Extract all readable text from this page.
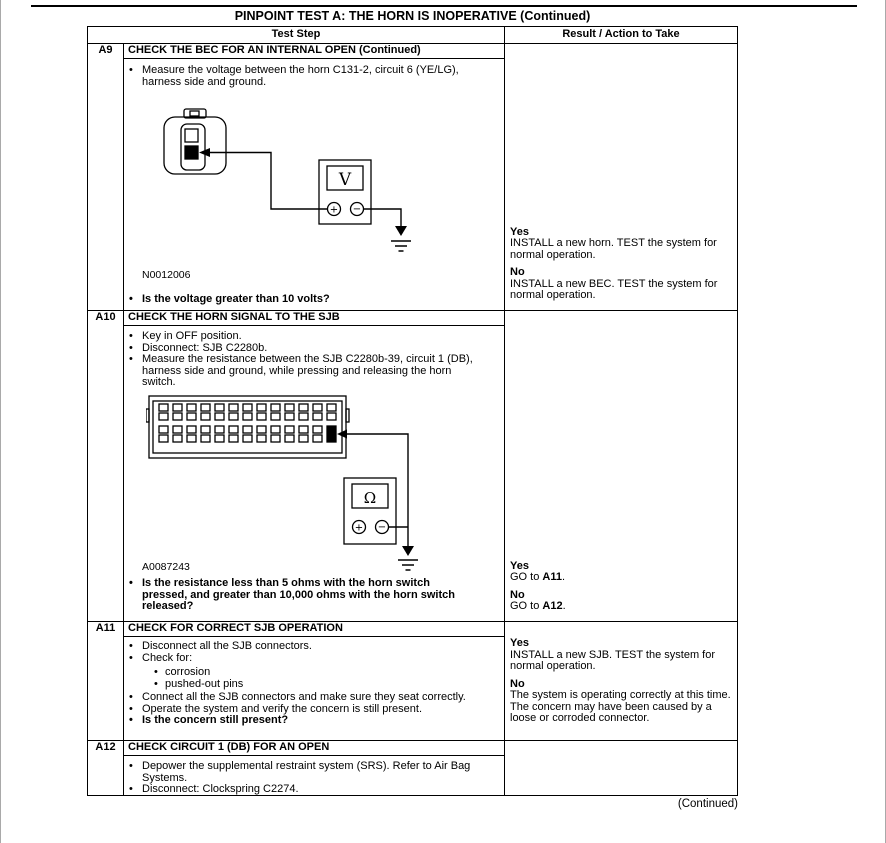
PINPOINT TEST A: THE HORN IS INOPERATIVE (Continued)
Test Step	Result / Action to Take
A9	CHECK THE BEC FOR AN INTERNAL OPEN (Continued)
• Measure the voltage between the horn C131-2, circuit 6 (YE/LG), harness side and ground.
V
+ −
N0012006
• Is the voltage greater than 10 volts?
Yes
INSTALL a new horn. TEST the system for normal operation.
No
INSTALL a new BEC. TEST the system for normal operation.
A10	CHECK THE HORN SIGNAL TO THE SJB
• Key in OFF position.
• Disconnect: SJB C2280b.
• Measure the resistance between the SJB C2280b-39, circuit 1 (DB), harness side and ground, while pressing and releasing the horn switch.
Ω
+ −
A0087243
• Is the resistance less than 5 ohms with the horn switch pressed, and greater than 10,000 ohms with the horn switch released?
Yes
GO to A11.
No
GO to A12.
A11	CHECK FOR CORRECT SJB OPERATION
• Disconnect all the SJB connectors.
• Check for:
• corrosion
• pushed-out pins
• Connect all the SJB connectors and make sure they seat correctly.
• Operate the system and verify the concern is still present.
• Is the concern still present?
Yes
INSTALL a new SJB. TEST the system for normal operation.
No
The system is operating correctly at this time. The concern may have been caused by a loose or corroded connector.
A12	CHECK CIRCUIT 1 (DB) FOR AN OPEN
• Depower the supplemental restraint system (SRS). Refer to Air Bag Systems.
• Disconnect: Clockspring C2274.
(Continued)
